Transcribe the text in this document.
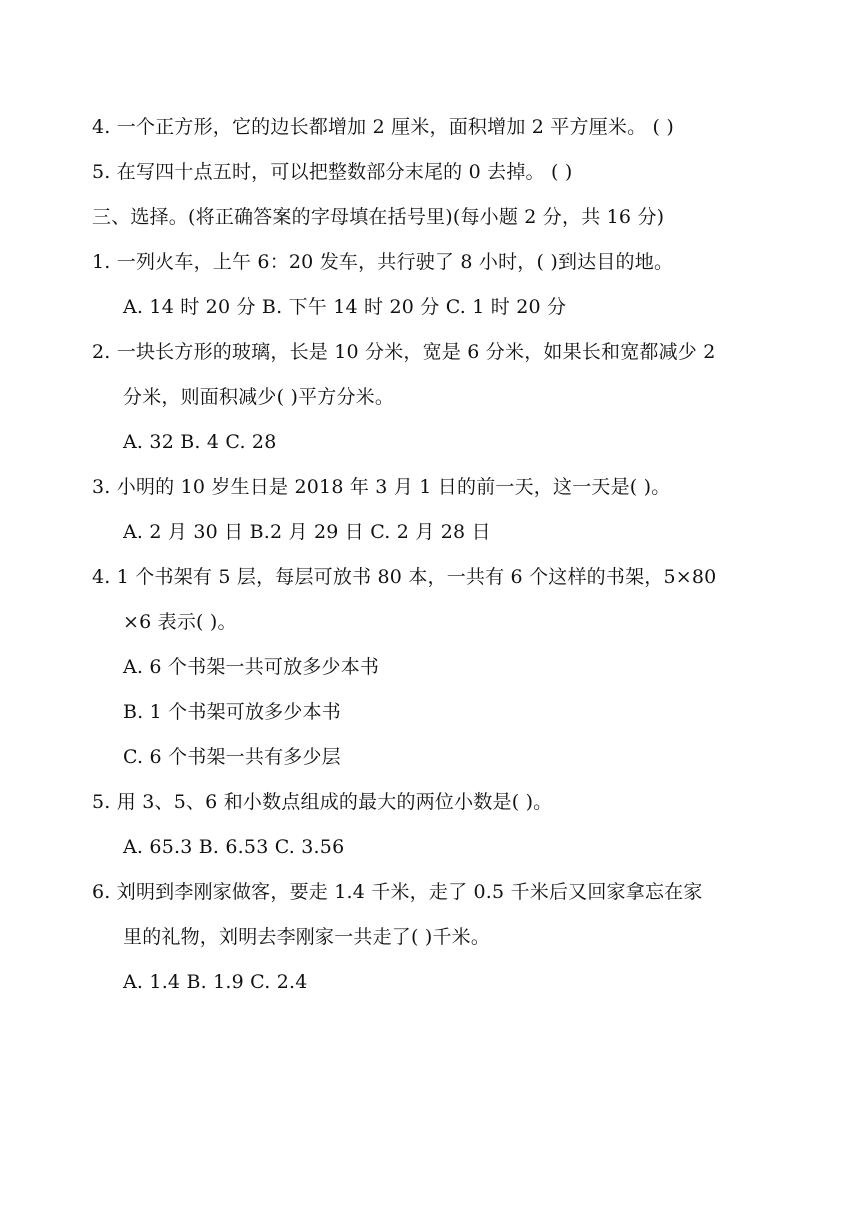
4. 一个正方形，它的边长都增加 2 厘米，面积增加 2 平方厘米。 ( )
5. 在写四十点五时，可以把整数部分末尾的 0 去掉。 ( )
三、选择。(将正确答案的字母填在括号里)(每小题 2 分，共 16 分)
1. 一列火车，上午 6：20 发车，共行驶了 8 小时，( )到达目的地。
A. 14 时 20 分 B. 下午 14 时 20 分 C. 1 时 20 分
2. 一块长方形的玻璃，长是 10 分米，宽是 6 分米，如果长和宽都减少 2
分米，则面积减少( )平方分米。
A. 32 B. 4 C. 28
3. 小明的 10 岁生日是 2018 年 3 月 1 日的前一天，这一天是( )。
A. 2 月 30 日 B.2 月 29 日 C. 2 月 28 日
4. 1 个书架有 5 层，每层可放书 80 本，一共有 6 个这样的书架，5×80
×6 表示( )。
A. 6 个书架一共可放多少本书
B. 1 个书架可放多少本书
C. 6 个书架一共有多少层
5. 用 3、5、6 和小数点组成的最大的两位小数是( )。
A. 65.3 B. 6.53 C. 3.56
6. 刘明到李刚家做客，要走 1.4 千米，走了 0.5 千米后又回家拿忘在家
里的礼物，刘明去李刚家一共走了( )千米。
A. 1.4 B. 1.9 C. 2.4
